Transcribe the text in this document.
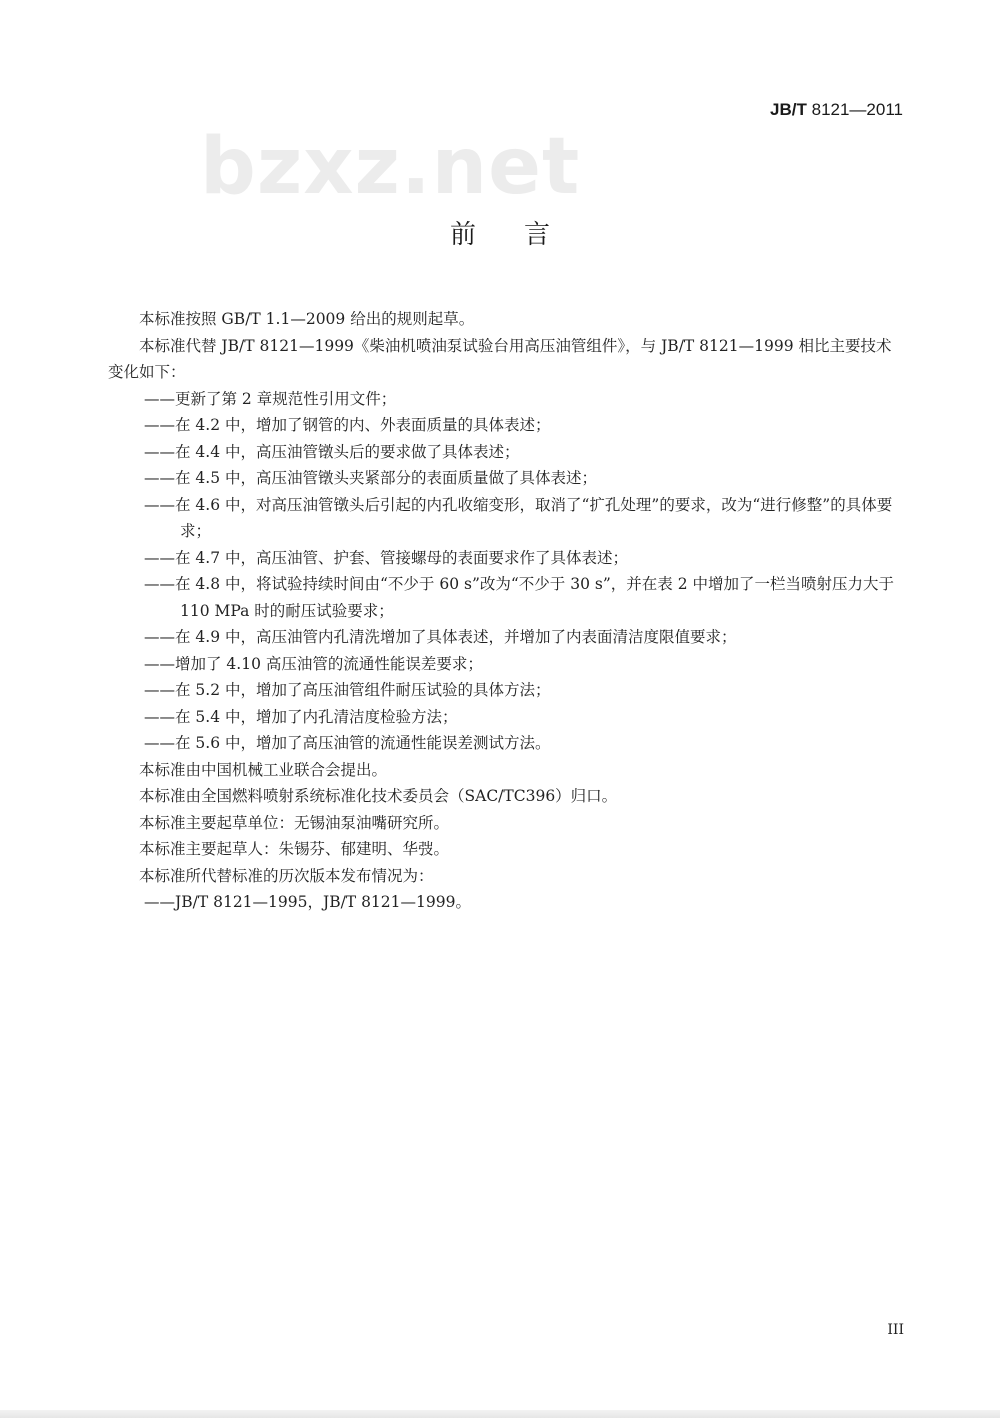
JB/T 8121—2011
bzxz.net
前言

本标准按照 GB/T 1.1—2009 给出的规则起草。

本标准代替 JB/T 8121—1999《柴油机喷油泵试验台用高压油管组件》，与 JB/T 8121—1999 相比主要技术变化如下：

——更新了第 2 章规范性引用文件；

——在 4.2 中，增加了钢管的内、外表面质量的具体表述；

——在 4.4 中，高压油管镦头后的要求做了具体表述；

——在 4.5 中，高压油管镦头夹紧部分的表面质量做了具体表述；

——在 4.6 中，对高压油管镦头后引起的内孔收缩变形，取消了“扩孔处理”的要求，改为“进行修整”的具体要求；

——在 4.7 中，高压油管、护套、管接螺母的表面要求作了具体表述；

——在 4.8 中，将试验持续时间由“不少于 60 s”改为“不少于 30 s”，并在表 2 中增加了一栏当喷射压力大于 110 MPa 时的耐压试验要求；

——在 4.9 中，高压油管内孔清洗增加了具体表述，并增加了内表面清洁度限值要求；

——增加了 4.10 高压油管的流通性能误差要求；

——在 5.2 中，增加了高压油管组件耐压试验的具体方法；

——在 5.4 中，增加了内孔清洁度检验方法；

——在 5.6 中，增加了高压油管的流通性能误差测试方法。

本标准由中国机械工业联合会提出。

本标准由全国燃料喷射系统标准化技术委员会（SAC/TC396）归口。

本标准主要起草单位：无锡油泵油嘴研究所。

本标准主要起草人：朱锡芬、郁建明、华弢。

本标准所代替标准的历次版本发布情况为：

——JB/T 8121—1995，JB/T 8121—1999。

III
